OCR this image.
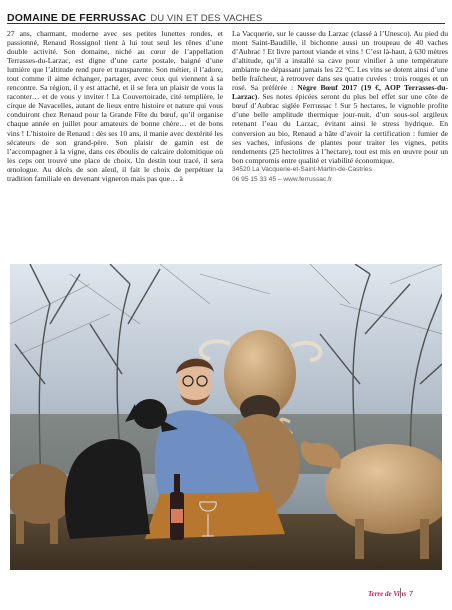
DOMAINE DE FERRUSSAC DU VIN ET DES VACHES

27 ans, charmant, moderne avec ses petites lunettes rondes, et passionné, Renaud Rossignol tient à lui tout seul les rênes d’une double activité. Son domaine, niché au cœur de l’appellation Terrasses-du-Larzac, est digne d’une carte postale, baigné d’une lumière que l’altitude rend pure et transparente. Son métier, il l’adore, tout comme il aime échanger, partager, avec ceux qui viennent à sa rencontre. Sa région, il y est attaché, et il se fera un plaisir de vous la raconter… et de vous y inviter ! La Couvertoirade, cité templière, le cirque de Navacelles, autant de lieux entre histoire et nature qui vous conduiront chez Renaud pour la Grande Fête du bœuf, qu’il organise chaque année en juillet pour amateurs de bonne chère… et de bons vins ! L’histoire de Renaud : dès ses 10 ans, il manie avec dextérité les sécateurs de son grand-père. Son plaisir de gamin est de l’accompagner à la vigne, dans ces éboulis de calcaire dolomitique où les ceps ont trouvé une place de choix. Un destin tout tracé, il sera œnologue. Au décès de son aïeul, il fait le choix de perpétuer la tradition familiale en devenant vigneron mais pas que… à

La Vacquerie, sur le causse du Larzac (classé à l’Unesco). Au pied du mont Saint-Baudille, il bichonne aussi un troupeau de 40 vaches d’Aubrac ! Et livre partout viande et vins ! C’est là-haut, à 630 mètres d’altitude, qu’il a installé sa cave pour vinifier à une température ambiante ne dépassant jamais les 22 °C. Les vins se dotent ainsi d’une belle fraîcheur, à retrouver dans ses quatre cuvées : trois rouges et un rosé. Sa préférée : Nègre Bœuf 2017 (19 €, AOP Terrasses-du-Larzac). Ses notes épicées seront du plus bel effet sur une côte de bœuf d’Aubrac siglée Ferrussac ! Sur 5 hectares, le vignoble profite d’une belle amplitude thermique jour-nuit, d’un sous-sol argileux retenant l’eau du Larzac, évitant ainsi le stress hydrique. En conversion au bio, Renaud a hâte d’avoir la certification : fumier de ses vaches, infusions de plantes pour traiter les vignes, petits rendements (25 hectolitres à l’hectare), tout est mis en œuvre pour un bon compromis entre qualité et viabilité économique.

34520 La Vacquerie-et-Saint-Martin-de-Castries
06 95 15 33 45 – www.ferrussac.fr
Terre de Vins 7
